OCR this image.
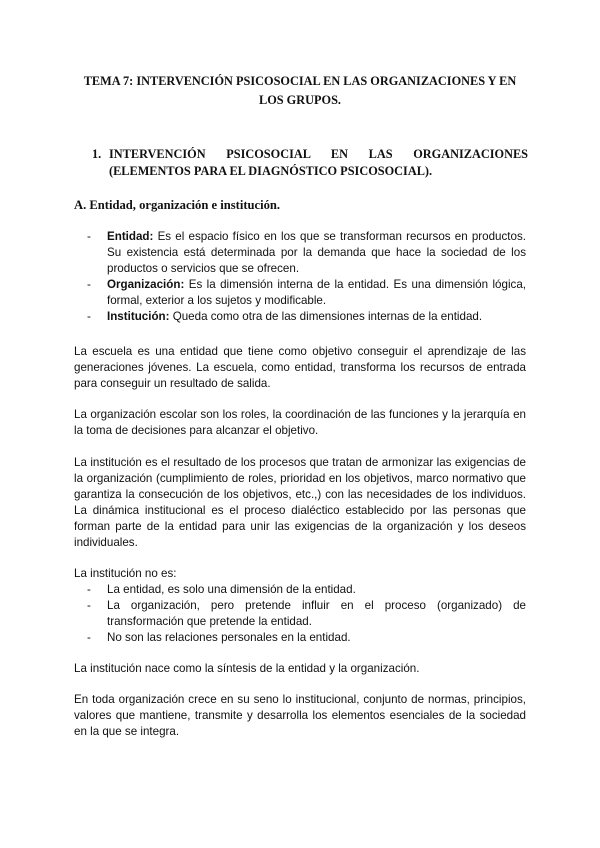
TEMA 7: INTERVENCIÓN PSICOSOCIAL EN LAS ORGANIZACIONES Y EN LOS GRUPOS.
1. INTERVENCIÓN PSICOSOCIAL EN LAS ORGANIZACIONES (ELEMENTOS PARA EL DIAGNÓSTICO PSICOSOCIAL).
A. Entidad, organización e institución.
- Entidad: Es el espacio físico en los que se transforman recursos en productos. Su existencia está determinada por la demanda que hace la sociedad de los productos o servicios que se ofrecen.
- Organización: Es la dimensión interna de la entidad. Es una dimensión lógica, formal, exterior a los sujetos y modificable.
- Institución: Queda como otra de las dimensiones internas de la entidad.

La escuela es una entidad que tiene como objetivo conseguir el aprendizaje de las generaciones jóvenes. La escuela, como entidad, transforma los recursos de entrada para conseguir un resultado de salida.

La organización escolar son los roles, la coordinación de las funciones y la jerarquía en la toma de decisiones para alcanzar el objetivo.

La institución es el resultado de los procesos que tratan de armonizar las exigencias de la organización (cumplimiento de roles, prioridad en los objetivos, marco normativo que garantiza la consecución de los objetivos, etc.,) con las necesidades de los individuos. La dinámica institucional es el proceso dialéctico establecido por las personas que forman parte de la entidad para unir las exigencias de la organización y los deseos individuales.

La institución no es:

- La entidad, es solo una dimensión de la entidad.
- La organización, pero pretende influir en el proceso (organizado) de transformación que pretende la entidad.
- No son las relaciones personales en la entidad.

La institución nace como la síntesis de la entidad y la organización.

En toda organización crece en su seno lo institucional, conjunto de normas, principios, valores que mantiene, transmite y desarrolla los elementos esenciales de la sociedad en la que se integra.
